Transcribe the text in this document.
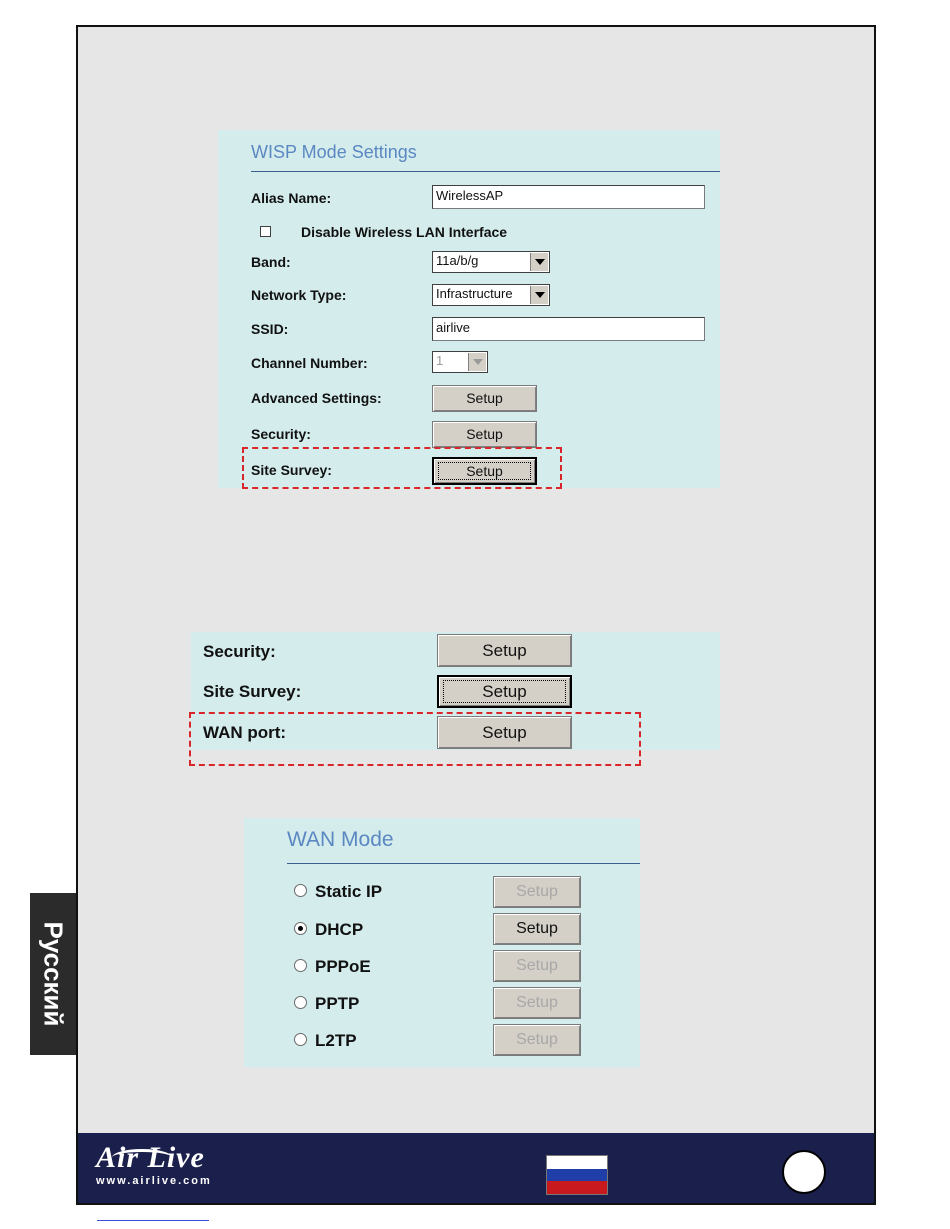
WISP Mode Settings
Alias Name:	WirelessAP
Disable Wireless LAN Interface
Band:	11a/b/g
Network Type:	Infrastructure
SSID:	airlive
Channel Number:	1
Advanced Settings:	Setup
Security:	Setup
Site Survey:	Setup
Security:	Setup
Site Survey:	Setup
WAN port:	Setup
WAN Mode
Static IP	Setup
DHCP	Setup
PPPoE	Setup
PPTP	Setup
L2TP	Setup
Air Live
www.airlive.com
Русский
